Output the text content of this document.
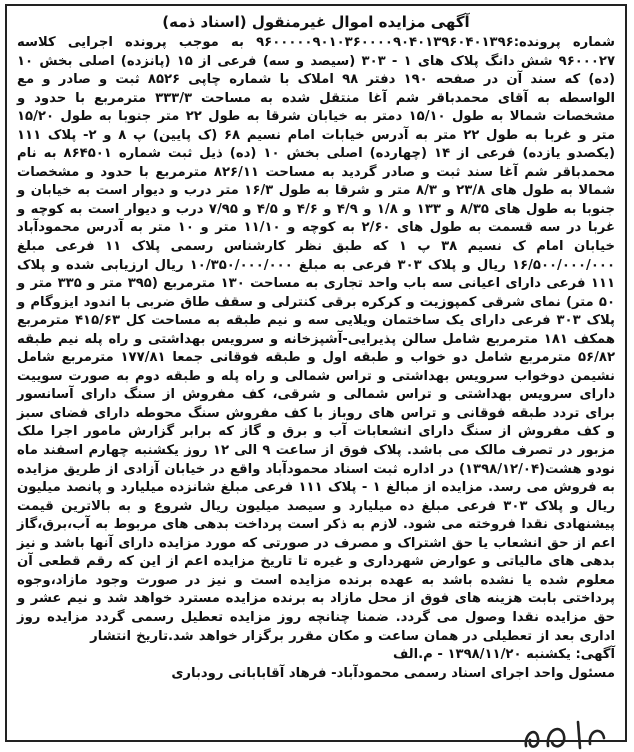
آگهی مزایده اموال غیرمنقول (اسناد ذمه)

شماره پرونده:۹۶۰۰۰۰۰۹۰۱۰۳۶۰۰۰۰۹۰۴۰۱۳۹۶۰۴۰۱۳۹۶ به موجب پرونده اجرایی کلاسه ۹۶۰۰۰۲۷ شش دانگ پلاک های ۱ - ۳۰۳ (سیصد و سه) فرعی از ۱۵ (پانزده) اصلی بخش ۱۰ (ده) که سند آن در صفحه ۱۹۰ دفتر ۹۸ املاک با شماره چاپی ۸۵۲۶ ثبت و صادر و مع الواسطه به آقای محمدباقر شم آغا منتقل شده به مساحت ۳۳۳/۳ مترمربع با حدود و مشخصات شمالا به طول ۱۵/۱۰ دمتر به خیابان شرقا به طول ۲۲ متر جنوبا به طول ۱۵/۲۰ متر و غربا به طول ۲۲ متر به آدرس خیابات امام نسیم ۶۸ (ک پایین) پ ۸ و ۲- پلاک ۱۱۱ (یکصدو یازده) فرعی از ۱۴ (چهارده) اصلی بخش ۱۰ (ده) ذیل ثبت شماره ۸۶۴۵۰۱ به نام محمدباقر شم آغا سند ثبت و صادر گردید به مساحت ۸۲۶/۱۱ مترمربع با حدود و مشخصات شمالا به طول های ۲۳/۸ و ۸/۳ متر و شرقا به طول ۱۶/۳ متر درب و دیوار است به خیابان و جنوبا به طول های ۸/۳۵ و ۱۳۳ و ۱/۸ و ۴/۹ و ۴/۶ و ۴/۵ و ۷/۹۵ درب و دیوار است به کوچه و غربا در سه قسمت به طول های ۲/۶۰ به کوچه و ۱۱/۱۰ متر و ۱۰ متر به آدرس محمودآباد خیابان امام ک نسیم ۳۸ پ ۱ که طبق نظر کارشناس رسمی پلاک ۱۱ فرعی مبلغ ۱۶/۵۰۰/۰۰۰/۰۰۰ ریال و پلاک ۳۰۳ فرعی به مبلغ ۱۰/۳۵۰/۰۰۰/۰۰۰ ریال ارزیابی شده و پلاک ۱۱۱ فرعی دارای اعیانی سه باب واحد تجاری به مساحت ۱۳۰ مترمربع (۳۹۵ متر و ۳۳۵ متر و ۵۰ متر) نمای شرقی کمپوزیت و کرکره برقی کنترلی و سقف طاق ضربی با اندود ایزوگام و پلاک ۳۰۳ فرعی دارای یک ساختمان ویلایی سه و نیم طبقه به مساحت کل ۴۱۵/۶۳ مترمربع همکف ۱۸۱ مترمربع شامل سالن پذیرایی-آشپزخانه و سرویس بهداشتی و راه پله نیم طبقه ۵۶/۸۲ مترمربع شامل دو خواب و طبقه اول و طبقه فوقانی جمعا ۱۷۷/۸۱ مترمربع شامل نشیمن دوخواب سرویس بهداشتی و تراس شمالی و راه پله و طبقه دوم به صورت سوییت دارای سرویس بهداشتی و تراس شمالی و شرقی، کف مفروش از سنگ دارای آسانسور برای تردد طبقه فوقانی و تراس های روباز با کف مفروش سنگ محوطه دارای فضای سبز و کف مفروش از سنگ دارای انشعابات آب و برق و گاز که برابر گزارش مامور اجرا ملک مزبور در تصرف مالک می باشد. پلاک فوق از ساعت ۹ الی ۱۲ روز یکشنبه چهارم اسفند ماه نودو هشت(۱۳۹۸/۱۲/۰۴) در اداره ثبت اسناد محمودآباد واقع در خیابان آزادی از طریق مزایده به فروش می رسد. مزایده از مبالغ ۱ - پلاک ۱۱۱ فرعی مبلغ شانزده میلیارد و پانصد میلیون ریال و پلاک ۳۰۳ فرعی مبلغ ده میلیارد و سیصد میلیون ریال شروع و به بالاترین قیمت پیشنهادی نقدا فروخته می شود. لازم به ذکر است پرداخت بدهی های مربوط به آب،برق،گاز اعم از حق انشعاب یا حق اشتراک و مصرف در صورتی که مورد مزایده دارای آنها باشد و نیز بدهی های مالیاتی و عوارض شهرداری و غیره تا تاریخ مزایده اعم از این که رقم قطعی آن معلوم شده یا نشده باشد به عهده برنده مزایده است و نیز در صورت وجود مازاد،وجوه پرداختی بابت هزینه های فوق از محل مازاد به برنده مزایده مسترد خواهد شد و نیم عشر و حق مزایده نقدا وصول می گردد. ضمنا چنانچه روز مزایده تعطیل رسمی گردد مزایده روز اداری بعد از تعطیلی در همان ساعت و مکان مقرر برگزار خواهد شد.تاریخ انتشار

آگهی: یکشنبه ۱۳۹۸/۱۱/۲۰ - م.الف

مسئول واحد اجرای اسناد رسمی محمودآباد- فرهاد آقابابانی رودباری
